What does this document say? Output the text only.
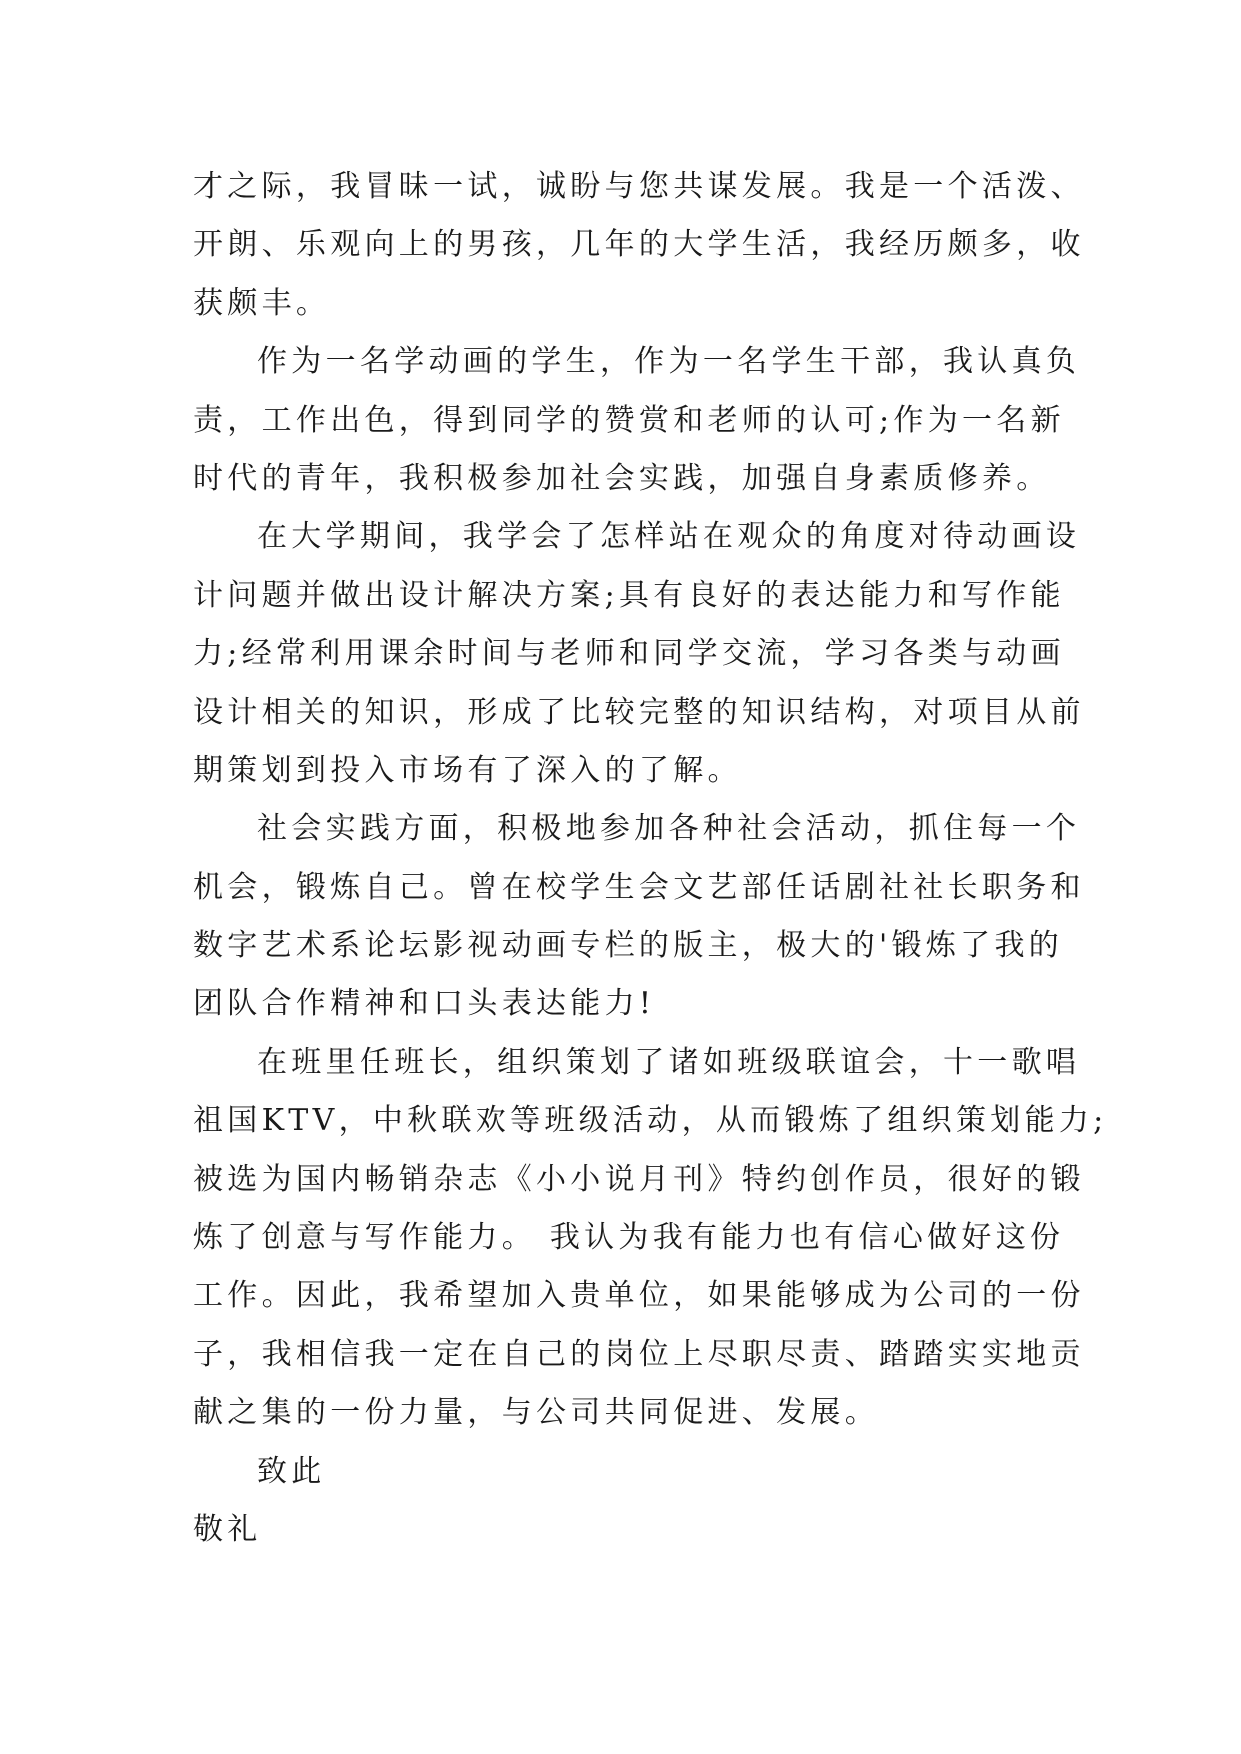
才之际，我冒昧一试，诚盼与您共谋发展。我是一个活泼、
开朗、乐观向上的男孩，几年的大学生活，我经历颇多，收
获颇丰。
作为一名学动画的学生，作为一名学生干部，我认真负
责，工作出色，得到同学的赞赏和老师的认可;作为一名新
时代的青年，我积极参加社会实践，加强自身素质修养。
在大学期间，我学会了怎样站在观众的角度对待动画设
计问题并做出设计解决方案;具有良好的表达能力和写作能
力;经常利用课余时间与老师和同学交流，学习各类与动画
设计相关的知识，形成了比较完整的知识结构，对项目从前
期策划到投入市场有了深入的了解。
社会实践方面，积极地参加各种社会活动，抓住每一个
机会，锻炼自己。曾在校学生会文艺部任话剧社社长职务和
数字艺术系论坛影视动画专栏的版主，极大的'锻炼了我的
团队合作精神和口头表达能力!
在班里任班长，组织策划了诸如班级联谊会，十一歌唱
祖国KTV，中秋联欢等班级活动，从而锻炼了组织策划能力;
被选为国内畅销杂志《小小说月刊》特约创作员，很好的锻
炼了创意与写作能力。 我认为我有能力也有信心做好这份
工作。因此，我希望加入贵单位，如果能够成为公司的一份
子，我相信我一定在自己的岗位上尽职尽责、踏踏实实地贡
献之集的一份力量，与公司共同促进、发展。
致此
敬礼
